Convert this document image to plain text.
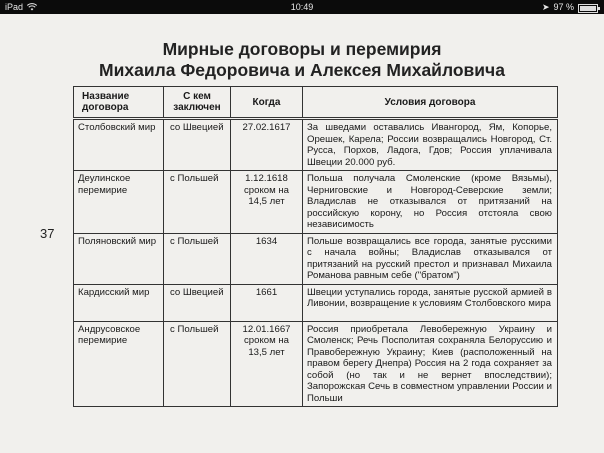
iPad	10:49	➤ 97 %
Мирные договоры и перемирия
Михаила Федоровича и Алексея Михайловича
37
Название договора	С кем заключен	Когда	Условия договора
Столбовский мир	со Швецией	27.02.1617	За шведами оставались Ивангород, Ям, Копорье, Орешек, Карела; России возвращались Новгород, Ст. Русса, Порхов, Ладога, Гдов; Россия уплачивала Швеции 20.000 руб.
Деулинское перемирие	с Польшей	1.12.1618 сроком на 14,5 лет	Польша получала Смоленские (кроме Вязьмы), Черниговские и Новгород-Северские земли; Владислав не отказывался от притязаний на российскую корону, но Россия отстояла свою независимость
Поляновский мир	с Польшей	1634	Польше возвращались все города, занятые русскими с начала войны; Владислав отказывался от притязаний на русский престол и признавал Михаила Романова равным себе ("братом")
Кардисский мир	со Швецией	1661	Швеции уступались города, занятые русской армией в Ливонии, возвращение к условиям Столбовского мира
Андрусовское перемирие	с Польшей	12.01.1667 сроком на 13,5 лет	Россия приобретала Левобережную Украину и Смоленск; Речь Посполитая сохраняла Белоруссию и Правобережную Украину; Киев (расположенный на правом берегу Днепра) Россия на 2 года сохраняет за собой (но так и не вернет впоследствии); Запорожская Сечь в совместном управлении России и Польши
